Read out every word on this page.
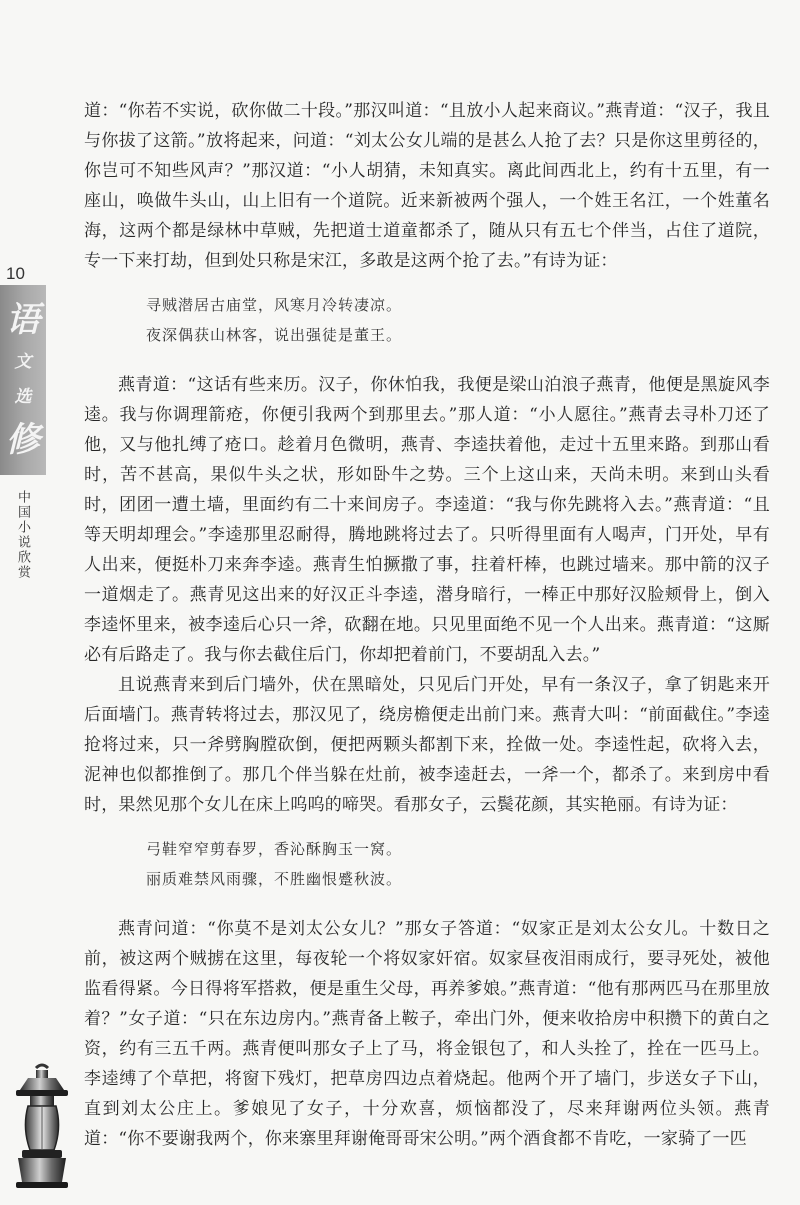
10
语
文
选
修
中国小说欣赏

道：“你若不实说，砍你做二十段。”那汉叫道：“且放小人起来商议。”燕青道：“汉子，我且与你拔了这箭。”放将起来，问道：“刘太公女儿端的是甚么人抢了去？只是你这里剪径的，你岂可不知些风声？”那汉道：“小人胡猜，未知真实。离此间西北上，约有十五里，有一座山，唤做牛头山，山上旧有一个道院。近来新被两个强人，一个姓王名江，一个姓董名海，这两个都是绿林中草贼，先把道士道童都杀了，随从只有五七个伴当，占住了道院，专一下来打劫，但到处只称是宋江，多敢是这两个抢了去。”有诗为证：

寻贼潜居古庙堂，风寒月冷转凄凉。
夜深偶获山林客，说出强徒是董王。

燕青道：“这话有些来历。汉子，你休怕我，我便是梁山泊浪子燕青，他便是黑旋风李逵。我与你调理箭疮，你便引我两个到那里去。”那人道：“小人愿往。”燕青去寻朴刀还了他，又与他扎缚了疮口。趁着月色微明，燕青、李逵扶着他，走过十五里来路。到那山看时，苦不甚高，果似牛头之状，形如卧牛之势。三个上这山来，天尚未明。来到山头看时，团团一遭土墙，里面约有二十来间房子。李逵道：“我与你先跳将入去。”燕青道：“且等天明却理会。”李逵那里忍耐得，腾地跳将过去了。只听得里面有人喝声，门开处，早有人出来，便挺朴刀来奔李逵。燕青生怕撅撒了事，拄着杆棒，也跳过墙来。那中箭的汉子一道烟走了。燕青见这出来的好汉正斗李逵，潜身暗行，一棒正中那好汉脸颊骨上，倒入李逵怀里来，被李逵后心只一斧，砍翻在地。只见里面绝不见一个人出来。燕青道：“这厮必有后路走了。我与你去截住后门，你却把着前门，不要胡乱入去。”

且说燕青来到后门墙外，伏在黑暗处，只见后门开处，早有一条汉子，拿了钥匙来开后面墙门。燕青转将过去，那汉见了，绕房檐便走出前门来。燕青大叫：“前面截住。”李逵抢将过来，只一斧劈胸膛砍倒，便把两颗头都割下来，拴做一处。李逵性起，砍将入去，泥神也似都推倒了。那几个伴当躲在灶前，被李逵赶去，一斧一个，都杀了。来到房中看时，果然见那个女儿在床上呜呜的啼哭。看那女子，云鬓花颜，其实艳丽。有诗为证：

弓鞋窄窄剪春罗，香沁酥胸玉一窝。
丽质难禁风雨骤，不胜幽恨蹙秋波。

燕青问道：“你莫不是刘太公女儿？”那女子答道：“奴家正是刘太公女儿。十数日之前，被这两个贼掳在这里，每夜轮一个将奴家奸宿。奴家昼夜泪雨成行，要寻死处，被他监看得紧。今日得将军搭救，便是重生父母，再养爹娘。”燕青道：“他有那两匹马在那里放着？”女子道：“只在东边房内。”燕青备上鞍子，牵出门外，便来收拾房中积攒下的黄白之资，约有三五千两。燕青便叫那女子上了马，将金银包了，和人头拴了，拴在一匹马上。李逵缚了个草把，将窗下残灯，把草房四边点着烧起。他两个开了墙门，步送女子下山，直到刘太公庄上。爹娘见了女子，十分欢喜，烦恼都没了，尽来拜谢两位头领。燕青道：“你不要谢我两个，你来寨里拜谢俺哥哥宋公明。”两个酒食都不肯吃，一家骑了一匹
